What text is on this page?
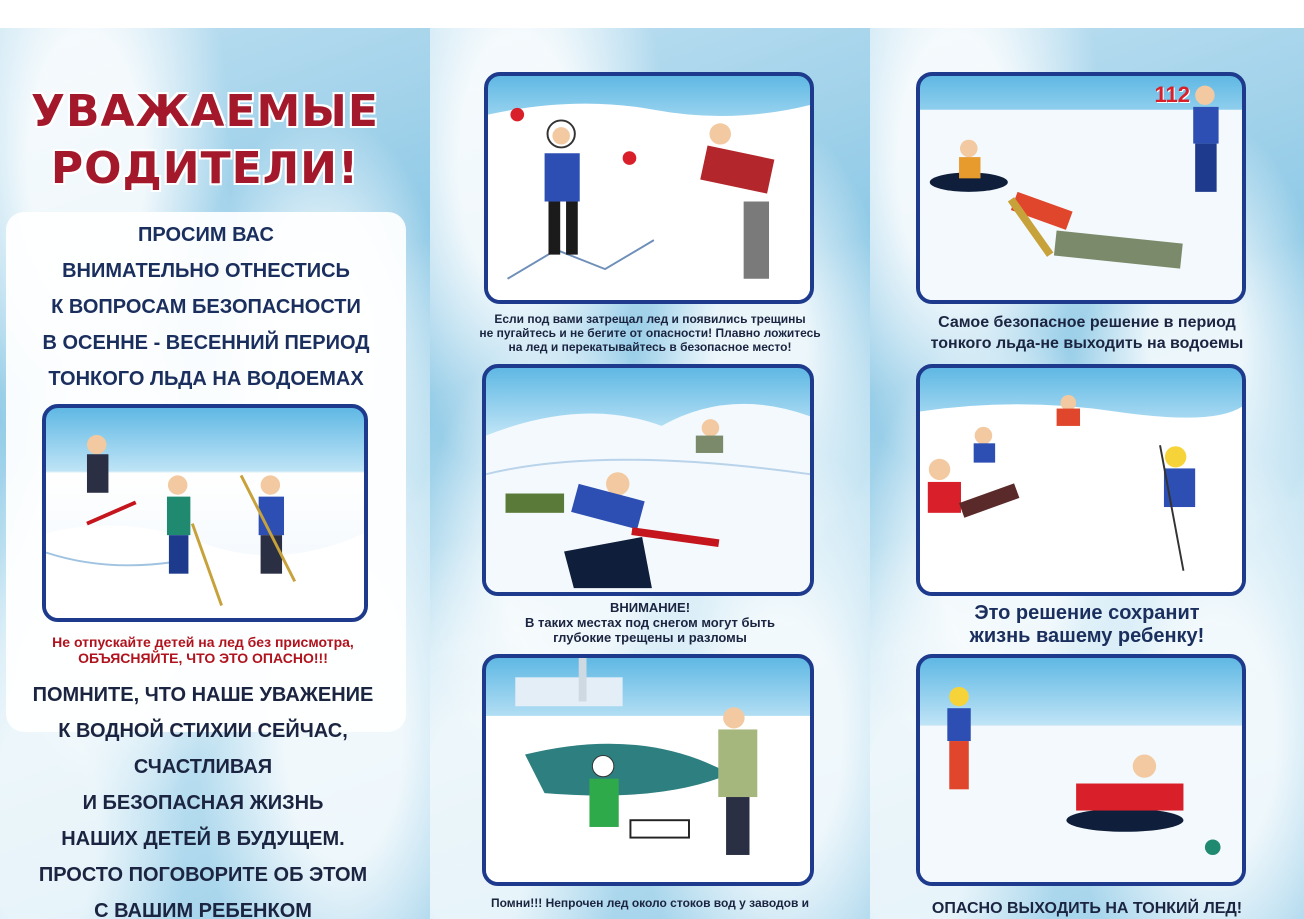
УВАЖАЕМЫЕ
РОДИТЕЛИ!
ПРОСИМ ВАС
ВНИМАТЕЛЬНО ОТНЕСТИСЬ
К ВОПРОСАМ БЕЗОПАСНОСТИ
В ОСЕННЕ - ВЕСЕННИЙ ПЕРИОД
ТОНКОГО ЛЬДА НА ВОДОЕМАХ
Не отпускайте детей на лед без присмотра,
ОБЪЯСНЯЙТЕ, ЧТО ЭТО ОПАСНО!!!
ПОМНИТЕ, ЧТО НАШЕ УВАЖЕНИЕ
К ВОДНОЙ СТИХИИ СЕЙЧАС,
СЧАСТЛИВАЯ
И БЕЗОПАСНАЯ ЖИЗНЬ
НАШИХ ДЕТЕЙ В БУДУЩЕМ.
ПРОСТО ПОГОВОРИТЕ ОБ ЭТОМ
С ВАШИМ РЕБЕНКОМ
Если под вами затрещал лед и появились трещины
не пугайтесь и не бегите от опасности! Плавно ложитесь
на лед и перекатывайтесь в безопасное место!
ВНИМАНИЕ!
В таких местах под снегом могут быть
глубокие трещены и разломы
Помни!!! Непрочен лед около стоков вод у заводов и
112
Самое безопасное решение в период
тонкого льда-не выходить на водоемы
Это решение сохранит
жизнь вашему ребенку!
ОПАСНО ВЫХОДИТЬ НА ТОНКИЙ ЛЕД!
